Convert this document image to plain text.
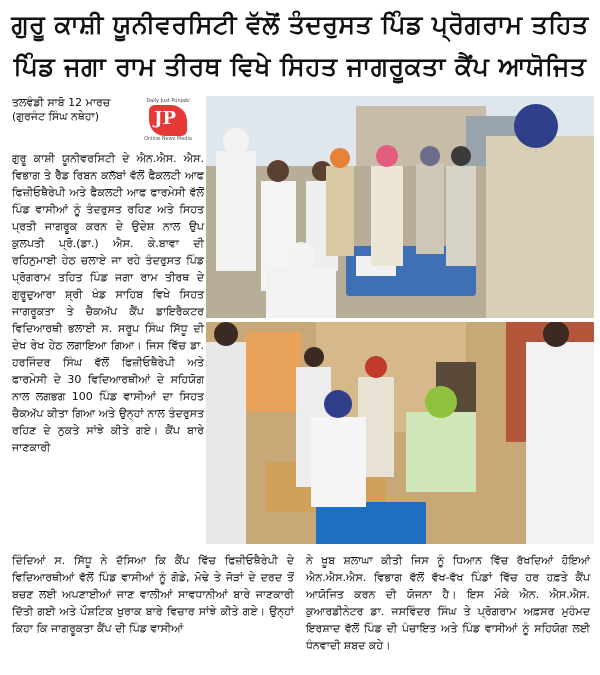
ਗੁਰੂ ਕਾਸ਼ੀ ਯੂਨੀਵਰਸਿਟੀ ਵੱਲੋਂ ਤੰਦਰੁਸਤ ਪਿੰਡ ਪ੍ਰੋਗਰਾਮ ਤਹਿਤ
ਪਿੰਡ ਜਗਾ ਰਾਮ ਤੀਰਥ ਵਿਖੇ ਸਿਹਤ ਜਾਗਰੂਕਤਾ ਕੈਂਪ ਆਯੋਜਿਤ
ਤਲਵੰਡੀ ਸਾਬੋ 12 ਮਾਰਚ
(ਗੁਰਜੰਟ ਸਿੰਘ ਨਥੇਹਾ)
Daily Just Punjabi
JP
Online News Media
ਗੁਰੂ ਕਾਸ਼ੀ ਯੂਨੀਵਰਸਿਟੀ ਦੇ ਐਨ.ਐਸ. ਐਸ. ਵਿਭਾਗ ਤੇ ਰੈੱਡ ਰਿਬਨ ਕਲੱਬਾਂ ਵੱਲੋਂ ਫੈਕਲਟੀ ਆਫ ਫਿਜ਼ੀਓਥੈਰੇਪੀ ਅਤੇ ਫੈਕਲਟੀ ਆਫ ਫਾਰਮੇਸੀ ਵੱਲੋਂ ਪਿੰਡ ਵਾਸੀਆਂ ਨੂੰ ਤੰਦਰੁਸਤ ਰਹਿਣ ਅਤੇ ਸਿਹਤ ਪ੍ਰਤੀ ਜਾਗਰੂਕ ਕਰਨ ਦੇ ਉਦੇਸ਼ ਨਾਲ ਉਪ ਕੁਲਪਤੀ ਪ੍ਰੋ.(ਡਾ.) ਐਸ. ਕੇ.ਬਾਵਾ ਦੀ ਰਹਿਨੁਮਾਈ ਹੇਠ ਚਲਾਏ ਜਾ ਰਹੇ ਤੰਦਰੁਸਤ ਪਿੰਡ ਪ੍ਰੋਗਰਾਮ ਤਹਿਤ ਪਿੰਡ ਜਗਾ ਰਾਮ ਤੀਰਥ ਦੇ ਗੁਰੂਦੁਆਰਾ ਸ਼੍ਰੀ ਖੰਡ ਸਾਹਿਬ ਵਿਖੇ ਸਿਹਤ ਜਾਗਰੂਕਤਾ ਤੇ ਚੈਕਅੱਪ ਕੈਂਪ ਡਾਇਰੈਕਟਰ ਵਿਦਿਆਰਥੀ ਭਲਾਈ ਸ. ਸਰੂਪ ਸਿੰਘ ਸਿੱਧੂ ਦੀ ਦੇਖ ਰੇਖ ਹੇਠ ਲਗਾਇਆ ਗਿਆ। ਜਿਸ ਵਿੱਚ ਡਾ. ਹਰਜਿੰਦਰ ਸਿੰਘ ਵੱਲੋਂ ਫਿਜ਼ੀਓਥੈਰੇਪੀ ਅਤੇ ਫਾਰਮੇਸੀ ਦੇ 30 ਵਿਦਿਆਰਥੀਆਂ ਦੇ ਸਹਿਯੋਗ ਨਾਲ ਲਗਭਗ 100 ਪਿੰਡ ਵਾਸੀਆਂ ਦਾ ਸਿਹਤ ਚੈਕਅੱਪ ਕੀਤਾ ਗਿਆ ਅਤੇ ਉਨ੍ਹਾਂ ਨਾਲ ਤੰਦਰੁਸਤ ਰਹਿਣ ਦੇ ਨੁਕਤੇ ਸਾਂਝੇ ਕੀਤੇ ਗਏ। ਕੈਂਪ ਬਾਰੇ ਜਾਣਕਾਰੀ
ਦਿੰਦਿਆਂ ਸ. ਸਿੱਧੂ ਨੇ ਦੱਸਿਆ ਕਿ ਕੈਂਪ ਵਿੱਚ ਫਿਜ਼ੀਓਥੈਰੇਪੀ ਦੇ ਵਿਦਿਆਰਥੀਆਂ ਵੱਲੋਂ ਪਿੰਡ ਵਾਸੀਆਂ ਨੂੰ ਗੋਡੇ, ਮੋਢੇ ਤੇ ਜੋੜਾਂ ਦੇ ਦਰਦ ਤੋਂ ਬਚਣ ਲਈ ਅਪਣਾਈਆਂ ਜਾਣ ਵਾਲੀਆਂ ਸਾਵਧਾਨੀਆਂ ਬਾਰੇ ਜਾਣਕਾਰੀ ਦਿੱਤੀ ਗਈ ਅਤੇ ਪੌਸ਼ਟਿਕ ਖੁਰਾਕ ਬਾਰੇ ਵਿਚਾਰ ਸਾਂਝੇ ਕੀਤੇ ਗਏ। ਉਨ੍ਹਾਂ ਕਿਹਾ ਕਿ ਜਾਗਰੂਕਤਾ ਕੈਂਪ ਦੀ ਪਿੰਡ ਵਾਸੀਆਂ
ਨੇ ਖੂਬ ਸ਼ਲਾਘਾ ਕੀਤੀ ਜਿਸ ਨੂੰ ਧਿਆਨ ਵਿੱਚ ਰੱਖਦਿਆਂ ਹੋਇਆਂ ਐਨ.ਐਸ.ਐਸ. ਵਿਭਾਗ ਵੱਲੋਂ ਵੱਖ-ਵੱਖ ਪਿੰਡਾਂ ਵਿੱਚ ਹਰ ਹਫ਼ਤੇ ਕੈਂਪ ਆਯੋਜਿਤ ਕਰਨ ਦੀ ਯੋਜਨਾ ਹੈ। ਇਸ ਮੌਕੇ ਐਨ. ਐਸ.ਐਸ. ਕੁਆਰਡੀਨੇਟਰ ਡਾ. ਜਸਵਿੰਦਰ ਸਿੰਘ ਤੇ ਪ੍ਰੋਗਰਾਮ ਅਫ਼ਸਰ ਮੁਹੰਮਦ ਇਰਸ਼ਾਦ ਵੱਲੋਂ ਪਿੰਡ ਦੀ ਪੰਚਾਇਤ ਅਤੇ ਪਿੰਡ ਵਾਸੀਆਂ ਨੂੰ ਸਹਿਯੋਗ ਲਈ ਧੰਨਵਾਦੀ ਸ਼ਬਦ ਕਹੇ।
